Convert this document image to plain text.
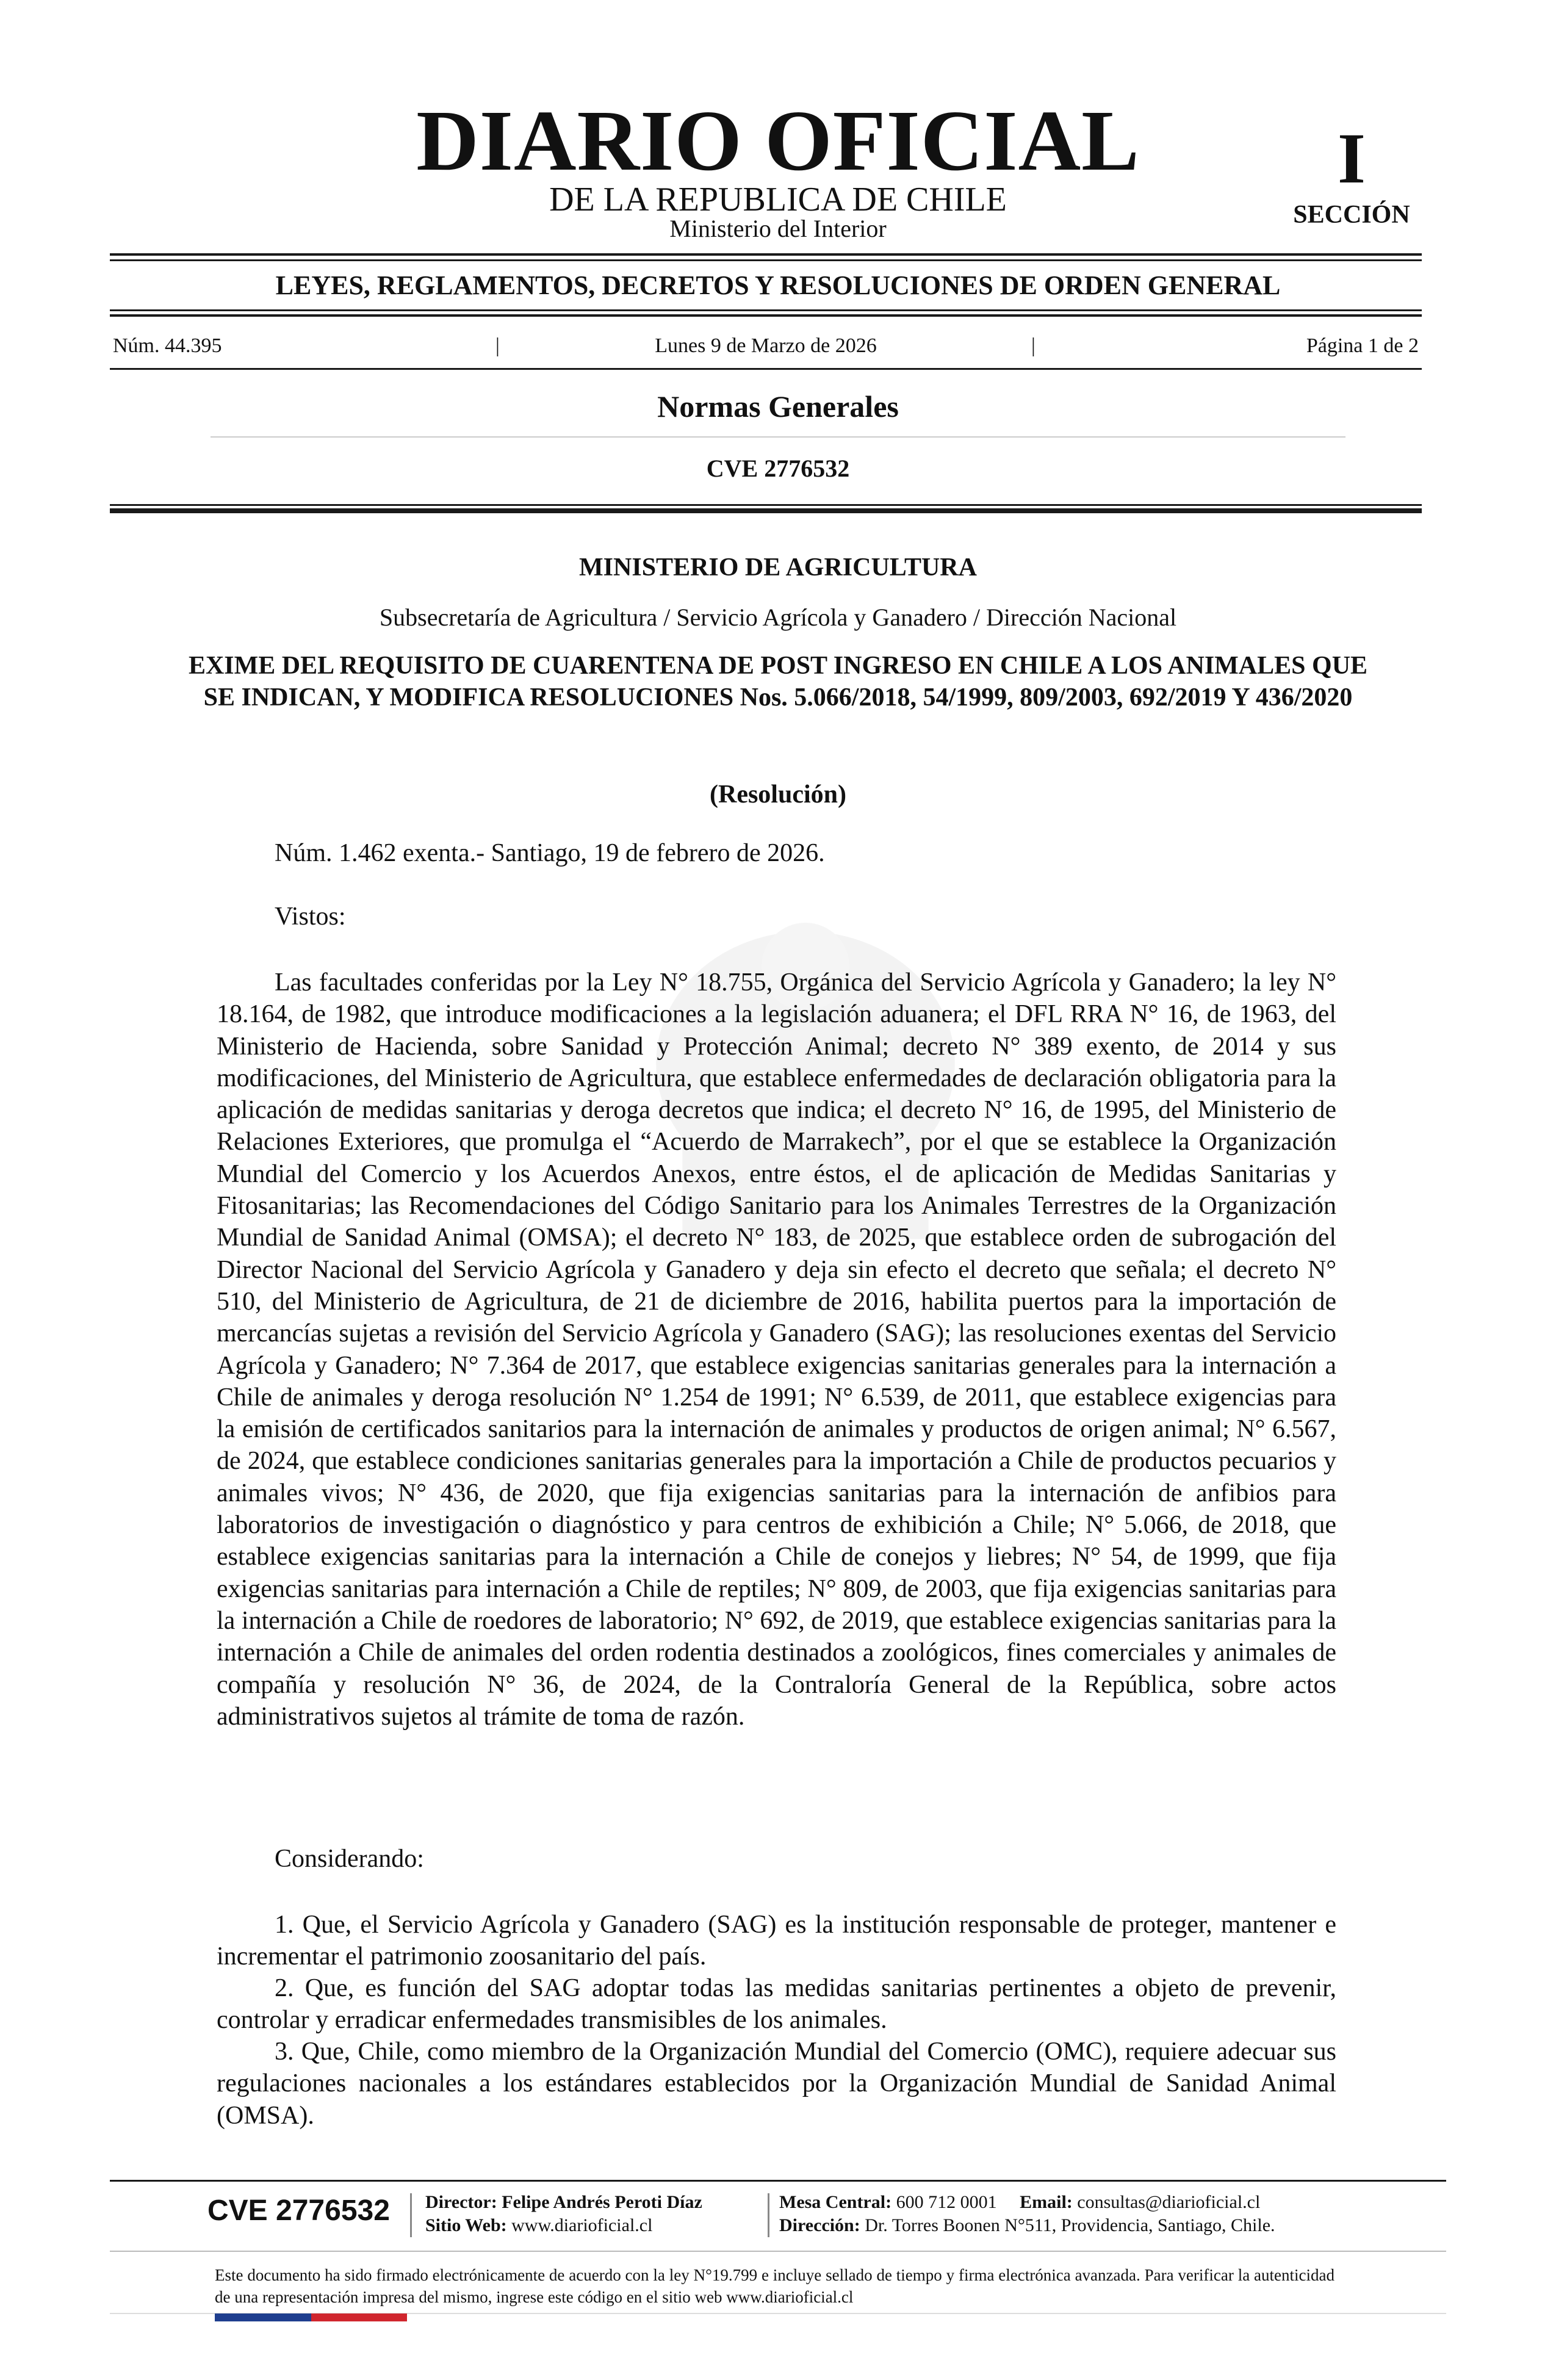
DIARIO OFICIAL
DE LA REPUBLICA DE CHILE
Ministerio del Interior
I
SECCIÓN
LEYES, REGLAMENTOS, DECRETOS Y RESOLUCIONES DE ORDEN GENERAL
Núm. 44.395	|	Lunes 9 de Marzo de 2026	|	Página 1 de 2
Normas Generales
CVE 2776532
MINISTERIO DE AGRICULTURA
Subsecretaría de Agricultura / Servicio Agrícola y Ganadero / Dirección Nacional
EXIME DEL REQUISITO DE CUARENTENA DE POST INGRESO EN CHILE A LOS ANIMALES QUE SE INDICAN, Y MODIFICA RESOLUCIONES Nos. 5.066/2018, 54/1999, 809/2003, 692/2019 Y 436/2020
(Resolución)
Núm. 1.462 exenta.- Santiago, 19 de febrero de 2026.
Vistos:
Las facultades conferidas por la Ley N° 18.755, Orgánica del Servicio Agrícola y Ganadero; la ley N° 18.164, de 1982, que introduce modificaciones a la legislación aduanera; el DFL RRA N° 16, de 1963, del Ministerio de Hacienda, sobre Sanidad y Protección Animal; decreto N° 389 exento, de 2014 y sus modificaciones, del Ministerio de Agricultura, que establece enfermedades de declaración obligatoria para la aplicación de medidas sanitarias y deroga decretos que indica; el decreto N° 16, de 1995, del Ministerio de Relaciones Exteriores, que promulga el “Acuerdo de Marrakech”, por el que se establece la Organización Mundial del Comercio y los Acuerdos Anexos, entre éstos, el de aplicación de Medidas Sanitarias y Fitosanitarias; las Recomendaciones del Código Sanitario para los Animales Terrestres de la Organización Mundial de Sanidad Animal (OMSA); el decreto N° 183, de 2025, que establece orden de subrogación del Director Nacional del Servicio Agrícola y Ganadero y deja sin efecto el decreto que señala; el decreto N° 510, del Ministerio de Agricultura, de 21 de diciembre de 2016, habilita puertos para la importación de mercancías sujetas a revisión del Servicio Agrícola y Ganadero (SAG); las resoluciones exentas del Servicio Agrícola y Ganadero; N° 7.364 de 2017, que establece exigencias sanitarias generales para la internación a Chile de animales y deroga resolución N° 1.254 de 1991; N° 6.539, de 2011, que establece exigencias para la emisión de certificados sanitarios para la internación de animales y productos de origen animal; N° 6.567, de 2024, que establece condiciones sanitarias generales para la importación a Chile de productos pecuarios y animales vivos; N° 436, de 2020, que fija exigencias sanitarias para la internación de anfibios para laboratorios de investigación o diagnóstico y para centros de exhibición a Chile; N° 5.066, de 2018, que establece exigencias sanitarias para la internación a Chile de conejos y liebres; N° 54, de 1999, que fija exigencias sanitarias para internación a Chile de reptiles; N° 809, de 2003, que fija exigencias sanitarias para la internación a Chile de roedores de laboratorio; N° 692, de 2019, que establece exigencias sanitarias para la internación a Chile de animales del orden rodentia destinados a zoológicos, fines comerciales y animales de compañía y resolución N° 36, de 2024, de la Contraloría General de la República, sobre actos administrativos sujetos al trámite de toma de razón.
Considerando:
1. Que, el Servicio Agrícola y Ganadero (SAG) es la institución responsable de proteger, mantener e incrementar el patrimonio zoosanitario del país.
2. Que, es función del SAG adoptar todas las medidas sanitarias pertinentes a objeto de prevenir, controlar y erradicar enfermedades transmisibles de los animales.
3. Que, Chile, como miembro de la Organización Mundial del Comercio (OMC), requiere adecuar sus regulaciones nacionales a los estándares establecidos por la Organización Mundial de Sanidad Animal (OMSA).
CVE 2776532 Director: Felipe Andrés Peroti Díaz
Sitio Web: www.diarioficial.cl
Mesa Central: 600 712 0001 Email: consultas@diarioficial.cl
Dirección: Dr. Torres Boonen N°511, Providencia, Santiago, Chile.
Este documento ha sido firmado electrónicamente de acuerdo con la ley N°19.799 e incluye sellado de tiempo y firma electrónica avanzada. Para verificar la autenticidad de una representación impresa del mismo, ingrese este código en el sitio web www.diarioficial.cl
